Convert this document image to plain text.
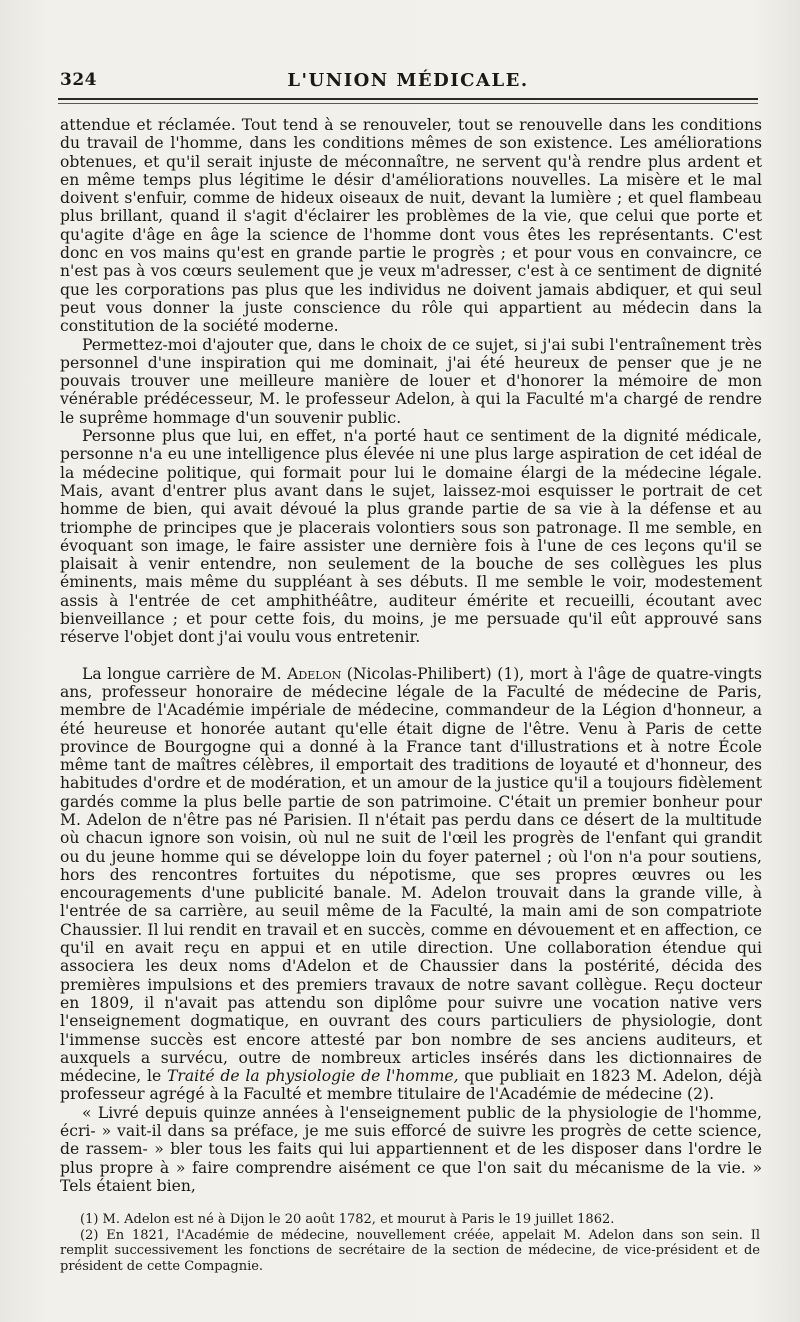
324	L'UNION MÉDICALE.

attendue et réclamée. Tout tend à se renouveler, tout se renouvelle dans les conditions du travail de l'homme, dans les conditions mêmes de son existence. Les améliorations obtenues, et qu'il serait injuste de méconnaître, ne servent qu'à rendre plus ardent et en même temps plus légitime le désir d'améliorations nouvelles. La misère et le mal doivent s'enfuir, comme de hideux oiseaux de nuit, devant la lumière ; et quel flambeau plus brillant, quand il s'agit d'éclairer les problèmes de la vie, que celui que porte et qu'agite d'âge en âge la science de l'homme dont vous êtes les représentants. C'est donc en vos mains qu'est en grande partie le progrès ; et pour vous en convaincre, ce n'est pas à vos cœurs seulement que je veux m'adresser, c'est à ce sentiment de dignité que les corporations pas plus que les individus ne doivent jamais abdiquer, et qui seul peut vous donner la juste conscience du rôle qui appartient au médecin dans la constitution de la société moderne.

Permettez-moi d'ajouter que, dans le choix de ce sujet, si j'ai subi l'entraînement très personnel d'une inspiration qui me dominait, j'ai été heureux de penser que je ne pouvais trouver une meilleure manière de louer et d'honorer la mémoire de mon vénérable prédécesseur, M. le professeur Adelon, à qui la Faculté m'a chargé de rendre le suprême hommage d'un souvenir public.

Personne plus que lui, en effet, n'a porté haut ce sentiment de la dignité médicale, personne n'a eu une intelligence plus élevée ni une plus large aspiration de cet idéal de la médecine politique, qui formait pour lui le domaine élargi de la médecine légale. Mais, avant d'entrer plus avant dans le sujet, laissez-moi esquisser le portrait de cet homme de bien, qui avait dévoué la plus grande partie de sa vie à la défense et au triomphe de principes que je placerais volontiers sous son patronage. Il me semble, en évoquant son image, le faire assister une dernière fois à l'une de ces leçons qu'il se plaisait à venir entendre, non seulement de la bouche de ses collègues les plus éminents, mais même du suppléant à ses débuts. Il me semble le voir, modestement assis à l'entrée de cet amphithéâtre, auditeur émérite et recueilli, écoutant avec bienveillance ; et pour cette fois, du moins, je me persuade qu'il eût approuvé sans réserve l'objet dont j'ai voulu vous entretenir.

La longue carrière de M. Adelon (Nicolas-Philibert) (1), mort à l'âge de quatre-vingts ans, professeur honoraire de médecine légale de la Faculté de médecine de Paris, membre de l'Académie impériale de médecine, commandeur de la Légion d'honneur, a été heureuse et honorée autant qu'elle était digne de l'être. Venu à Paris de cette province de Bourgogne qui a donné à la France tant d'illustrations et à notre École même tant de maîtres célèbres, il emportait des traditions de loyauté et d'honneur, des habitudes d'ordre et de modération, et un amour de la justice qu'il a toujours fidèlement gardés comme la plus belle partie de son patrimoine. C'était un premier bonheur pour M. Adelon de n'être pas né Parisien. Il n'était pas perdu dans ce désert de la multitude où chacun ignore son voisin, où nul ne suit de l'œil les progrès de l'enfant qui grandit ou du jeune homme qui se développe loin du foyer paternel ; où l'on n'a pour soutiens, hors des rencontres fortuites du népotisme, que ses propres œuvres ou les encouragements d'une publicité banale. M. Adelon trouvait dans la grande ville, à l'entrée de sa carrière, au seuil même de la Faculté, la main ami de son compatriote Chaussier. Il lui rendit en travail et en succès, comme en dévouement et en affection, ce qu'il en avait reçu en appui et en utile direction. Une collaboration étendue qui associera les deux noms d'Adelon et de Chaussier dans la postérité, décida des premières impulsions et des premiers travaux de notre savant collègue. Reçu docteur en 1809, il n'avait pas attendu son diplôme pour suivre une vocation native vers l'enseignement dogmatique, en ouvrant des cours particuliers de physiologie, dont l'immense succès est encore attesté par bon nombre de ses anciens auditeurs, et auxquels a survécu, outre de nombreux articles insérés dans les dictionnaires de médecine, le Traité de la physiologie de l'homme, que publiait en 1823 M. Adelon, déjà professeur agrégé à la Faculté et membre titulaire de l'Académie de médecine (2).

« Livré depuis quinze années à l'enseignement public de la physiologie de l'homme, écri- » vait-il dans sa préface, je me suis efforcé de suivre les progrès de cette science, de rassem- » bler tous les faits qui lui appartiennent et de les disposer dans l'ordre le plus propre à » faire comprendre aisément ce que l'on sait du mécanisme de la vie. » Tels étaient bien,

(1) M. Adelon est né à Dijon le 20 août 1782, et mourut à Paris le 19 juillet 1862.

(2) En 1821, l'Académie de médecine, nouvellement créée, appelait M. Adelon dans son sein. Il remplit successivement les fonctions de secrétaire de la section de médecine, de vice-président et de président de cette Compagnie.
